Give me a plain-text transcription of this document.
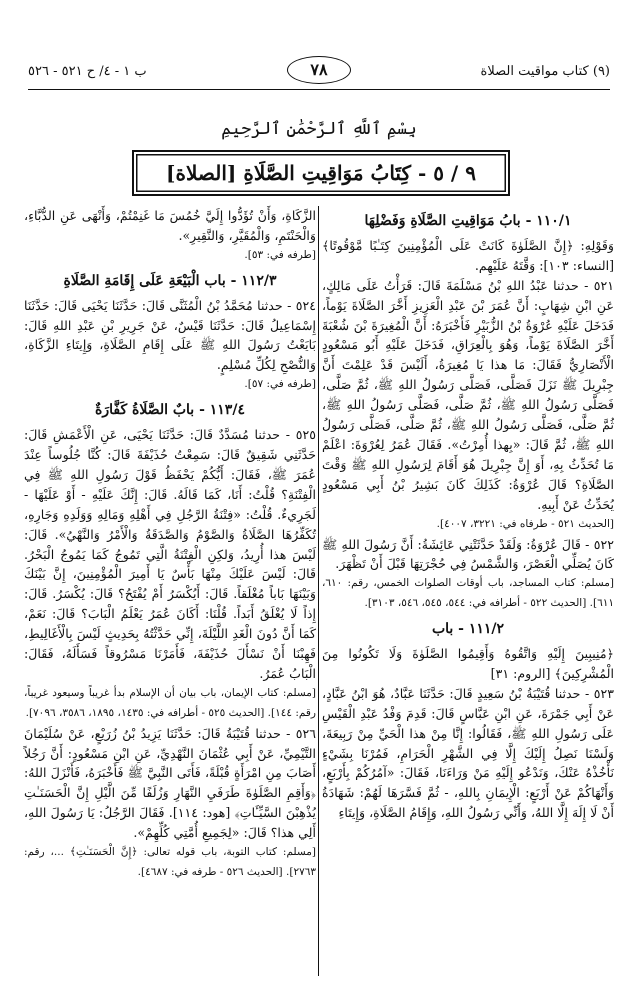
(٩) كتاب مواقيت الصلاة
٧٨
ب ١ - ٤/ ح ٥٢١ - ٥٢٦
بِسْمِ ٱللَّهِ ٱلرَّحْمَٰنِ ٱلرَّحِيمِ
٩ / ٥ - كِتَابُ مَوَاقِيتِ الصَّلَاةِ [الصلاة]
١١٠/١ - بابُ مَوَاقِيتِ الصَّلَاةِ وَفَضْلِهَا

وَقَوْلِهِ: ﴿إِنَّ الصَّلَوٰةَ كَانَتْ عَلَى الْمُؤْمِنِينَ كِتَـٰبًا مَّوْقُوتًا﴾ [النساء: ١٠٣]: وَقَّتَهُ عَلَيْهِم.

٥٢١ - حدثنا عَبْدُ اللهِ بْنُ مَسْلَمَةَ قَالَ: قَرَأْتُ عَلَى مَالِكٍ، عَنِ ابْنِ شِهَابٍ: أَنَّ عُمَرَ بْنَ عَبْدِ الْعَزِيزِ أَخَّرَ الصَّلَاةَ يَوْماً، فَدَخَلَ عَلَيْهِ عُرْوَةُ بْنُ الزُّبَيْرِ فَأَخْبَرَهُ: أَنَّ الْمُغِيرَةَ بْنَ شُعْبَةَ أَخَّرَ الصَّلَاةَ يَوْماً، وَهُوَ بِالْعِرَاقِ، فَدَخَلَ عَلَيْهِ أَبُو مَسْعُودٍ الْأَنْصَارِيُّ فَقَالَ: مَا هذا يَا مُغِيرَةُ، أَلَيْسَ قَدْ عَلِمْتَ أَنَّ جِبْرِيلَ ﷺ نَزَلَ فَصَلَّى، فَصَلَّى رَسُولُ اللهِ ﷺ، ثُمَّ صَلَّى، فَصَلَّى رَسُولُ اللهِ ﷺ، ثُمَّ صَلَّى، فَصَلَّى رَسُولُ اللهِ ﷺ، ثُمَّ صَلَّى، فَصَلَّى رَسُولُ اللهِ ﷺ، ثُمَّ صَلَّى، فَصَلَّى رَسُولُ اللهِ ﷺ، ثُمَّ قَالَ: «بِهذا أُمِرْتُ». فَقَالَ عُمَرُ لِعُرْوَةَ: اعْلَمْ مَا تُحَدِّثُ بِهِ، أَوَ إِنَّ جِبْرِيلَ هُوَ أَقَامَ لِرَسُولِ اللهِ ﷺ وَقْتَ الصَّلَاةِ؟ قَالَ عُرْوَةُ: كَذَلِكَ كَانَ بَشِيرُ بْنُ أَبِي مَسْعُودٍ يُحَدِّثُ عَنْ أَبِيهِ.

[الحديث ٥٢١ - طرفاه في: ٣٢٢١، ٤٠٠٧].

٥٢٢ - قَالَ عُرْوَةُ: وَلَقَدْ حَدَّثَتْنِي عَائِشَةُ: أَنَّ رَسُولَ اللهِ ﷺ كَانَ يُصَلِّي الْعَصْرَ، وَالشَّمْسُ فِي حُجْرَتِهَا قَبْلَ أَنْ تَظْهَرَ.

[مسلم: كتاب المساجد، باب أوقات الصلوات الخمس، رقم: ٦١٠، ٦١١]. [الحديث ٥٢٢ - أطرافه في: ٥٤٤، ٥٤٥، ٥٤٦، ٣١٠٣].

١١١/٢ - باب

﴿مُنِيبِينَ إِلَيْهِ وَاتَّقُوهُ وَأَقِيمُوا الصَّلَوٰةَ وَلَا تَكُونُوا مِنَ الْمُشْرِكِينَ﴾ [الروم: ٣١]

٥٢٣ - حدثنا قُتَيْبَةُ بْنُ سَعِيدٍ قَالَ: حَدَّثَنَا عَبَّادٌ، هُوَ ابْنُ عَبَّادٍ، عَنْ أَبِي جَمْرَةَ، عَنِ ابْنِ عَبَّاسٍ قَالَ: قَدِمَ وَفْدُ عَبْدِ الْقَيْسِ عَلَى رَسُولِ اللهِ ﷺ، فَقَالُوا: إِنَّا مِنْ هذا الْحَيِّ مِنْ رَبِيعَةَ، وَلَسْنَا نَصِلُ إِلَيْكَ إِلَّا فِي الشَّهْرِ الْحَرَامِ، فَمُرْنَا بِشَيْءٍ نَأْخُذْهُ عَنْكَ، وَنَدْعُو إِلَيْهِ مَنْ وَرَاءَنَا، فَقَالَ: «آمُرُكُمْ بِأَرْبَعٍ، وَأَنْهَاكُمْ عَنْ أَرْبَعٍ: الْإِيمَانِ بِاللهِ، - ثُمَّ فَسَّرَهَا لَهُمْ: شَهَادَةُ أَنْ لَا إِلَهَ إِلَّا اللهُ، وَأَنِّي رَسُولُ اللهِ، وَإِقَامُ الصَّلَاةِ، وَإِيتَاءِ

الزَّكَاةِ، وَأَنْ تُؤَدُّوا إِلَيَّ خُمُسَ مَا غَنِمْتُمْ، وَأَنْهَى عَنِ الدُّبَّاءِ، وَالْحَنْتَمِ، وَالْمُقَيَّرِ، وَالنَّقِيرِ».

[طرفه في: ٥٣].

١١٢/٣ - باب الْبَيْعَةِ عَلَى إِقَامَةِ الصَّلَاةِ

٥٢٤ - حدثنا مُحَمَّدُ بْنُ الْمُثَنَّى قَالَ: حَدَّثَنَا يَحْيَى قَالَ: حَدَّثَنَا إِسْمَاعِيلُ قَالَ: حَدَّثَنَا قَيْسٌ، عَنْ جَرِيرِ بْنِ عَبْدِ اللهِ قَالَ: بَايَعْتُ رَسُولَ اللهِ ﷺ عَلَى إِقَامِ الصَّلَاةِ، وَإِيتَاءِ الزَّكَاةِ، وَالنُّصْحِ لِكُلِّ مُسْلِمٍ.

[طرفه في: ٥٧].

١١٣/٤ - بابٌ الصَّلَاةُ كَفَّارَةٌ

٥٢٥ - حدثنا مُسَدَّدٌ قَالَ: حَدَّثَنَا يَحْيَى، عَنِ الْأَعْمَشِ قَالَ: حَدَّثَنِي شَقِيقٌ قَالَ: سَمِعْتُ حُذَيْفَةَ قَالَ: كُنَّا جُلُوساً عِنْدَ عُمَرَ ﷺ، فَقَالَ: أَيُّكُمْ يَحْفَظُ قَوْلَ رَسُولِ اللهِ ﷺ فِي الْفِتْنَةِ؟ قُلْتُ: أَنَا، كَمَا قَالَهُ. قَالَ: إِنَّكَ عَلَيْهِ - أَوْ عَلَيْهَا - لَجَرِيءٌ. قُلْتُ: «فِتْنَةُ الرَّجُلِ فِي أَهْلِهِ وَمَالِهِ وَوَلَدِهِ وَجَارِهِ، تُكَفِّرُهَا الصَّلَاةُ وَالصَّوْمُ وَالصَّدَقَةُ وَالْأَمْرُ وَالنَّهْيُ». قَالَ: لَيْسَ هذا أُرِيدُ، وَلكِنِ الْفِتْنَةُ الَّتِي تَمُوجُ كَمَا يَمُوجُ الْبَحْرُ. قَالَ: لَيْسَ عَلَيْكَ مِنْهَا بَأْسٌ يَا أَمِيرَ الْمُؤْمِنِينَ، إِنَّ بَيْنَكَ وَبَيْنَهَا بَاباً مُغْلَقاً. قَالَ: أَيُكْسَرُ أَمْ يُفْتَحُ؟ قَالَ: يُكْسَرُ. قَالَ: إِذاً لَا يُغْلَقُ أَبَداً. قُلْنَا: أَكَانَ عُمَرُ يَعْلَمُ الْبَابَ؟ قَالَ: نَعَمْ، كَمَا أَنَّ دُونَ الْغَدِ اللَّيْلَةَ، إِنِّي حَدَّثْتُهُ بِحَدِيثٍ لَيْسَ بِالْأَغَالِيطِ، فَهِبْنَا أَنْ نَسْأَلَ حُذَيْفَةَ، فَأَمَرْنَا مَسْرُوقاً فَسَأَلَهُ، فَقَالَ: الْبَابُ عُمَرُ.

[مسلم: كتاب الإيمان، باب بيان أن الإسلام بدأ غريباً وسيعود غريباً، رقم: ١٤٤]. [الحديث ٥٢٥ - أطرافه في: ١٤٣٥، ١٨٩٥، ٣٥٨٦، ٧٠٩٦].

٥٢٦ - حدثنا قُتَيْبَةُ قَالَ: حَدَّثَنَا يَزِيدُ بْنُ زُرَيْعٍ، عَنْ سُلَيْمَانَ التَّيْمِيِّ، عَنْ أَبِي عُثْمَانَ النَّهْدِيِّ، عَنِ ابْنِ مَسْعُودٍ: أَنَّ رَجُلاً أَصَابَ مِنِ امْرَأَةٍ قُبْلَةً، فَأَتَى النَّبِيَّ ﷺ فَأَخْبَرَهُ، فَأَنْزَلَ اللهُ: ﴿وَأَقِمِ الصَّلَوٰةَ طَرَفَيِ النَّهَارِ وَزُلَفًا مِّنَ الَّيْلِ إِنَّ الْحَسَنَـٰتِ يُذْهِبْنَ السَّيِّـَٔاتِ﴾ [هود: ١١٤]. فَقَالَ الرَّجُلُ: يَا رَسُولَ اللهِ، أَلِي هذا؟ قَالَ: «لِجَمِيعِ أُمَّتِي كُلِّهِمْ».

[مسلم: كتاب التوبة، باب قوله تعالى: ﴿إِنَّ الْحَسَنَـٰتِ﴾ ...، رقم: ٢٧٦٣]. [الحديث ٥٢٦ - طرفه في: ٤٦٨٧].
